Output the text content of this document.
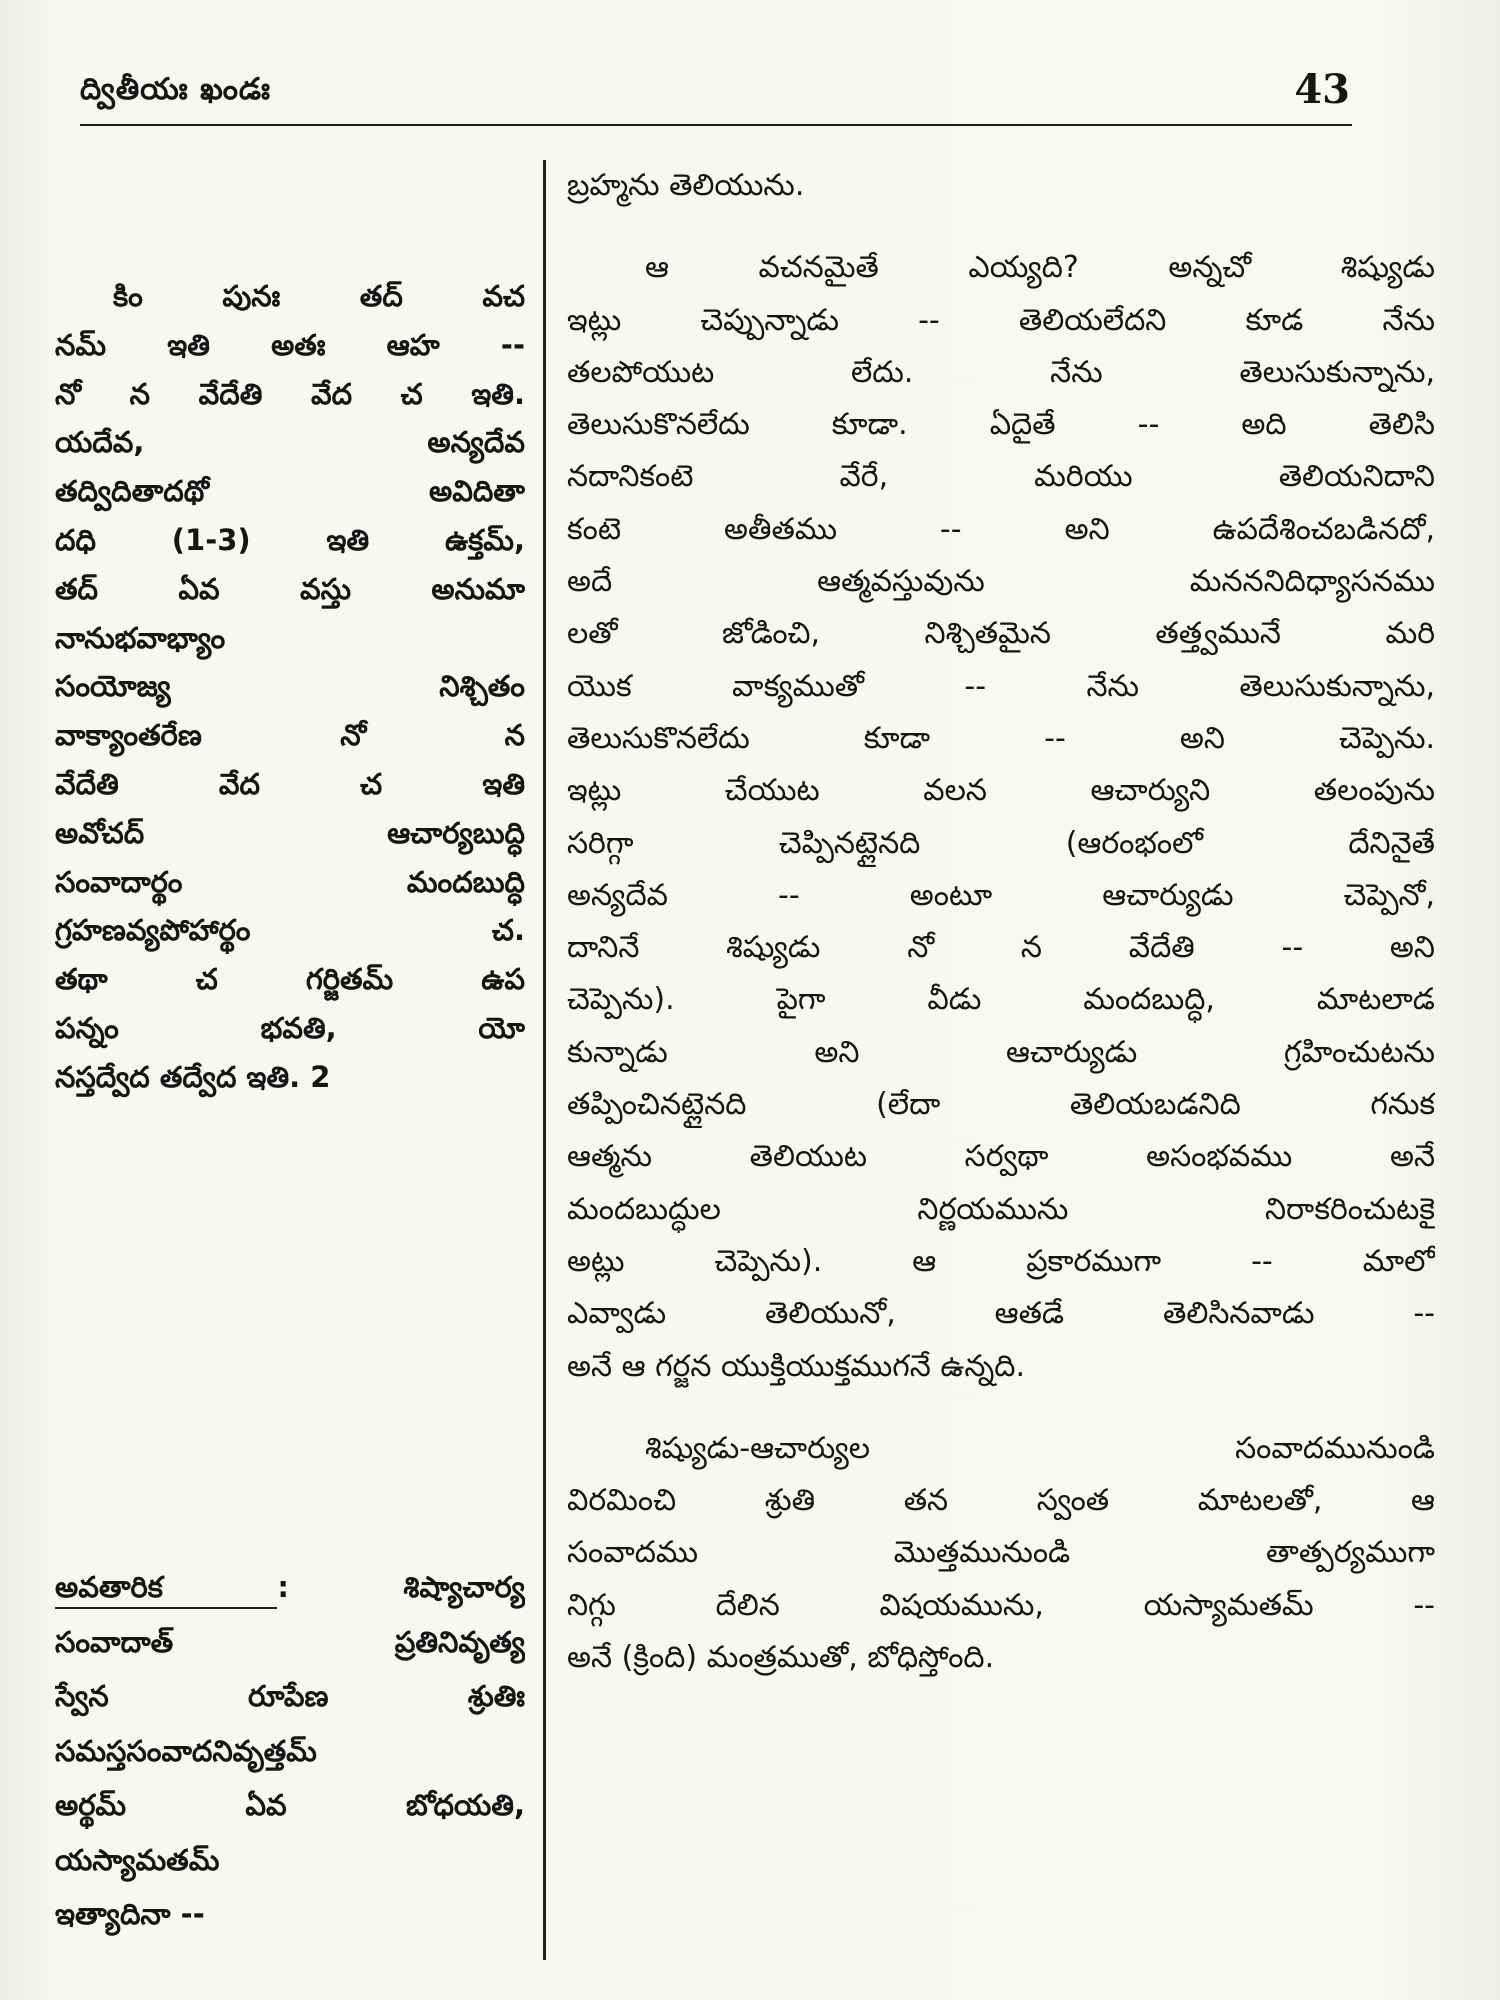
ద్వితీయః ఖండః	43
కిం పునః తద్ వచ
నమ్ ఇతి అతః ఆహ --
నో న వేదేతి వేద చ ఇతి.
యదేవ, అన్యదేవ
తద్విదితాదథో అవిదితా
దధి (1-3) ఇతి ఉక్తమ్,
తద్ ఏవ వస్తు అనుమా
నానుభవాభ్యాం
సంయోజ్య నిశ్చితం
వాక్యాంతరేణ నో న
వేదేతి వేద చ ఇతి
అవోచద్ ఆచార్యబుద్ధి
సంవాదార్థం మందబుద్ధి
గ్రహణవ్యపోహార్థం చ.
తథా చ గర్జితమ్ ఉప
పన్నం భవతి, యో
నస్తద్వేద తద్వేద ఇతి. 2
అవతారిక : శిష్యాచార్య
సంవాదాత్ ప్రతినివృత్య
స్వేన రూపేణ శ్రుతిః
సమస్తసంవాదనివృత్తమ్
అర్థమ్ ఏవ బోధయతి,
యస్యామతమ్
ఇత్యాదినా --
బ్రహ్మను తెలియును.
ఆ వచనమైతే ఎయ్యది? అన్నచో శిష్యుడు
ఇట్లు చెప్పున్నాడు -- తెలియలేదని కూడ నేను
తలపోయుట లేదు. నేను తెలుసుకున్నాను,
తెలుసుకొనలేదు కూడా. ఏదైతే -- అది తెలిసి
నదానికంటె వేరే, మరియు తెలియనిదాని
కంటె అతీతము -- అని ఉపదేశించబడినదో,
అదే ఆత్మవస్తువును మనననిదిధ్యాసనము
లతో జోడించి, నిశ్చితమైన తత్త్వమునే మరి
యొక వాక్యముతో -- నేను తెలుసుకున్నాను,
తెలుసుకొనలేదు కూడా -- అని చెప్పెను.
ఇట్లు చేయుట వలన ఆచార్యుని తలంపును
సరిగ్గా చెప్పినట్లైనది (ఆరంభంలో దేనినైతే
అన్యదేవ -- అంటూ ఆచార్యుడు చెప్పెనో,
దానినే శిష్యుడు నో న వేదేతి -- అని
చెప్పెను). పైగా వీడు మందబుద్ధి, మాటలాడ
కున్నాడు అని ఆచార్యుడు గ్రహించుటను
తప్పించినట్లైనది (లేదా తెలియబడనిది గనుక
ఆత్మను తెలియుట సర్వథా అసంభవము అనే
మందబుద్ధుల నిర్ణయమును నిరాకరించుటకై
అట్లు చెప్పెను). ఆ ప్రకారముగా -- మాలో
ఎవ్వాడు తెలియునో, ఆతడే తెలిసినవాడు --
అనే ఆ గర్జన యుక్తియుక్తముగనే ఉన్నది.
శిష్యుడు-ఆచార్యుల సంవాదమునుండి
విరమించి శ్రుతి తన స్వంత మాటలతో, ఆ
సంవాదము మొత్తమునుండి తాత్పర్యముగా
నిగ్గు దేలిన విషయమును, యస్యామతమ్ --
అనే (క్రింది) మంత్రముతో, బోధిస్తోంది.
